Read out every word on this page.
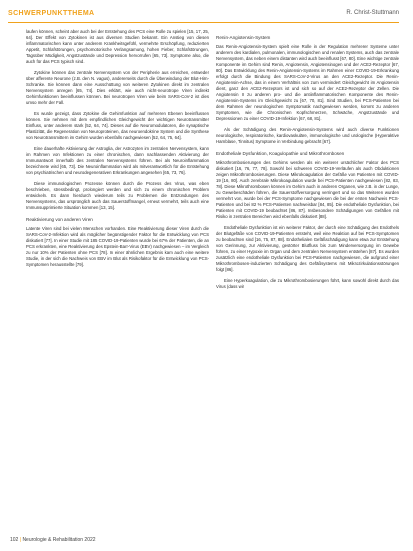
SCHWERPUNKTTHEMA	R. Christ-Stuttmann

laufen können, scheint aber auch bei der Entstehung des PCS eine Rolle zu spielen [15, 17, 25, 64]. Der Effekt von Zytokinen ist aus diversen Studien bekannt. Ein Anstieg von diesen inflammatorischen kann unter anderem Krankheitsgefühl, vermehrte Erschöpfung, reduzierten Appetit, Schlafstörungen, psychomotorische Verlangsamung, hohen Fieber, Schlafstörungen, Tagsüber Müdigkeit, Angstzustände und Depression hervorrufen [65, 73]. Symptome also, die auch für das PCS typisch sind.

Zytokine können das zentrale Nervensystem von der Peripherie aus erreichen, entweder über afferente Neurone (z.B. den N. vagus), andererseits durch die Überwindung der Blut-Hirn-Schranke. Sie können dann eine Ausschüttung von weiteren Zytokinen direkt im zentralen Nervensystem anregen [65, 74]. Dies erklärt, wie auch nicht-neurotrope Viren indirekt Gehirnfunktionen beeinflussen können. Bei neurotropen Viren wie beim SARS-CoV-2 ist dies umso mehr der Fall.

Es wurde gezeigt, dass Zytokine die Gehirnfunktion auf mehreren Ebenen beeinflussen können. Sie nehmen mit dem empfindlichen Gleichgewicht der wichtigen Neurotransmitter Einfluss, unter anderem stark [52, 64, 74]. Dieses auf die Neuromodulatoren, die synaptische Plastizität, die Regeneration von Neuroproteinen, das neuroendokrine System und die Synthese von Neurotransmittern im Gehirn wurden ebenfalls nachgewiesen [52, 64, 75, 64].

Eine dauerhafte Aktivierung der Astroglia, der Astrozyten im zentralen Nervensystem, kann im Rahmen von Infektionen zu einer chronischen, dann nachlassenden Aktivierung der Immunantwort innerhalb des zentralen Nervensystems führen. Bei als Neuroinflammation bezeichnete wird [65, 73]. Die Neuroinflammation wird als mitverantwortlich für die Entstehung von psychiatrischen und neurodegenerativen Erkrankungen angesehen [65, 73, 76].

Diese immunologischen Prozesse können durch die Prozess des Virus, was eben beschrieben, stressbedingt, prolongiert werden und sich zu einem chronischen Problem entwickeln. Es dann hierdurch wiederum teils zu Problemen die Entzündungen des Nervensystems, das ursprünglich auch das Sauerstoffmangel, erneut vermehrt, teils auch eine Immunsupprimierte Situation kommen [13, 15].

Reaktivierung von anderen Viren

Latente Viren sind bei vielen Menschen vorhanden. Eine Reaktivierung dieser Viren durch die SARS-CoV-2-Infektion wird als möglicher begünstigender Faktor für die Entwicklung von PCS diskutiert [77]. In einer Studie mit 185 COVID-19-Patienten wurde bei 67% der Patienten, die an PCS erkrankten, eine Reaktivierung des Epstein-Barr-Virus (EBV) nachgewiesen – im Vergleich zu nur 10% der Patienten ohne PCS [78]. In einer ähnlichen Ergebnis kam auch eine weitere Studie, in der sich die Nachweis von EBV im Blut als Risikofaktor für die Entwicklung von PCS-Symptomen herausstellte [79].

Renin-Angiotensin-System

Das Renin-Angiotensin-System spielt eine Rolle in der Regulation mehrerer Systeme unter anderem des kardialen, pulmonalen, immunologischen und renalen Systems, auch das zentrale Nervensystem, das neben einem distanten wird auch beeinflusst [67, 80]. Eine wichtige zentrale Komponente im Gehirn sind Renin, Angiotensin, Angiotensinogen und der ACE2-Rezeptor [67, 80]. Das Entwicklung des Renin-Angiotensin-Systems im Rahmen einer COVID-19-Erkrankung erfolgt durch die Bindung des SARS-CoV-2-Virus an den ACE2-Rezeptor. Die Renin-Angiotensin-Achse, das in einem Verhältnis von zum vermindert Gleichgewicht im Angiotensin dient, ganz den ACE2-Rezeptors ist und sich so auf der ACE2-Rezeptor der Zellen. Die Angiotensin II zu anderen pro- und die antiinflammatorischen Komponente des Renin-Angiotensin-Systems im Gleichgewicht zu [67, 70, 81]. Sind Studien, bei PCS-Patienten bei dem Rahmen der neurologischen Symptomatik nachgewiesen werden, kommt zu anderen Symptomen, wie die Chronischen Kopfschmerzen, Schwäche, Angstzustände und Depressionen zu einer COVID-19-Infektion [67, 68, 81].

Als der Schädigung des Renin-Angiotensin-Systems wird auch diverse Funktionen neurologische, respiratorische, kardiovaskuläre, immunologische und urologische (Hyperaktive Harnblase, Tinnitus) Symptome in Verbindung gebracht [67].

Endotheliale Dysfunktion, Koagulopathie und Mikrothrombosen

Mikrothrombosierungen des Gehirns werden als ein weiterer ursächlicher Faktor des PCS diskutiert [16, 76, 77, 78]. Sowohl bei schweren COVID-19-Verläufen als auch Obduktionen zeigen Mikrothrombosierungen. Diese Mikrokoagulation der Gefäße von Patienten mit COVID-19 [16, 80]. Auch zerebrale Mikrokoagulation wurde bei PCS-Patienten nachgewiesen [82, 83, 78]. Diese Mikrothrombosen können im Gehirn auch in anderen Organen, wie z.B. in der Lunge, zu Gewebeschäden führen, die Sauerstoffversorgung verringert und so das Weiteren wurden vermehrt von, wurde bei der PCS-Symptome nachgewiesen die bei der ersten Nachweis PCS-Patienten und bei 82 % PCS-Patienten nachweisbar [84, 85]. Die endotheliale Dysfunktion, bei Patienten mit COVID-19 beobachtet [86, 87]. Insbesondere Schädigungen von Gefäßen mit Risiko in zentralen Bereichen wird ebenfalls diskutiert [88].

Endotheliale Dysfunktion ist ein weiterer Faktor, der durch eine Schädigung des Endothels der Blutgefäße von COVID-19-Patienten entsteht, weil eine Reaktion auf bei PCS-Symptomen zu beobachten sind [16, 75, 87, 88]. Endothelialen Gefäßschädigung kann etwa zur Entstehung von Gerinnung, zur Aktivierung, gestörter Blutfluss bis zum Minderversorgung im Gewebe führen, zu einer Hypoxie im Organ und dem zentralen Nervensystem entstehen [87]. Es wurden zusätzlich eine endotheliale Dysfunktion bei PCS-Patienten nachgewiesen, die aufgrund einer Mikrothrombosen-induzierten Schädigung des Gefäßsystems mit Mikrozirkulationsstörungen folgt [86].

Eine Hyperkoagulation, die zu Mikrothrombosierungen führt, kann sowohl direkt durch das Virus (dass wir

102 | Neurologie & Rehabilitation 2022
